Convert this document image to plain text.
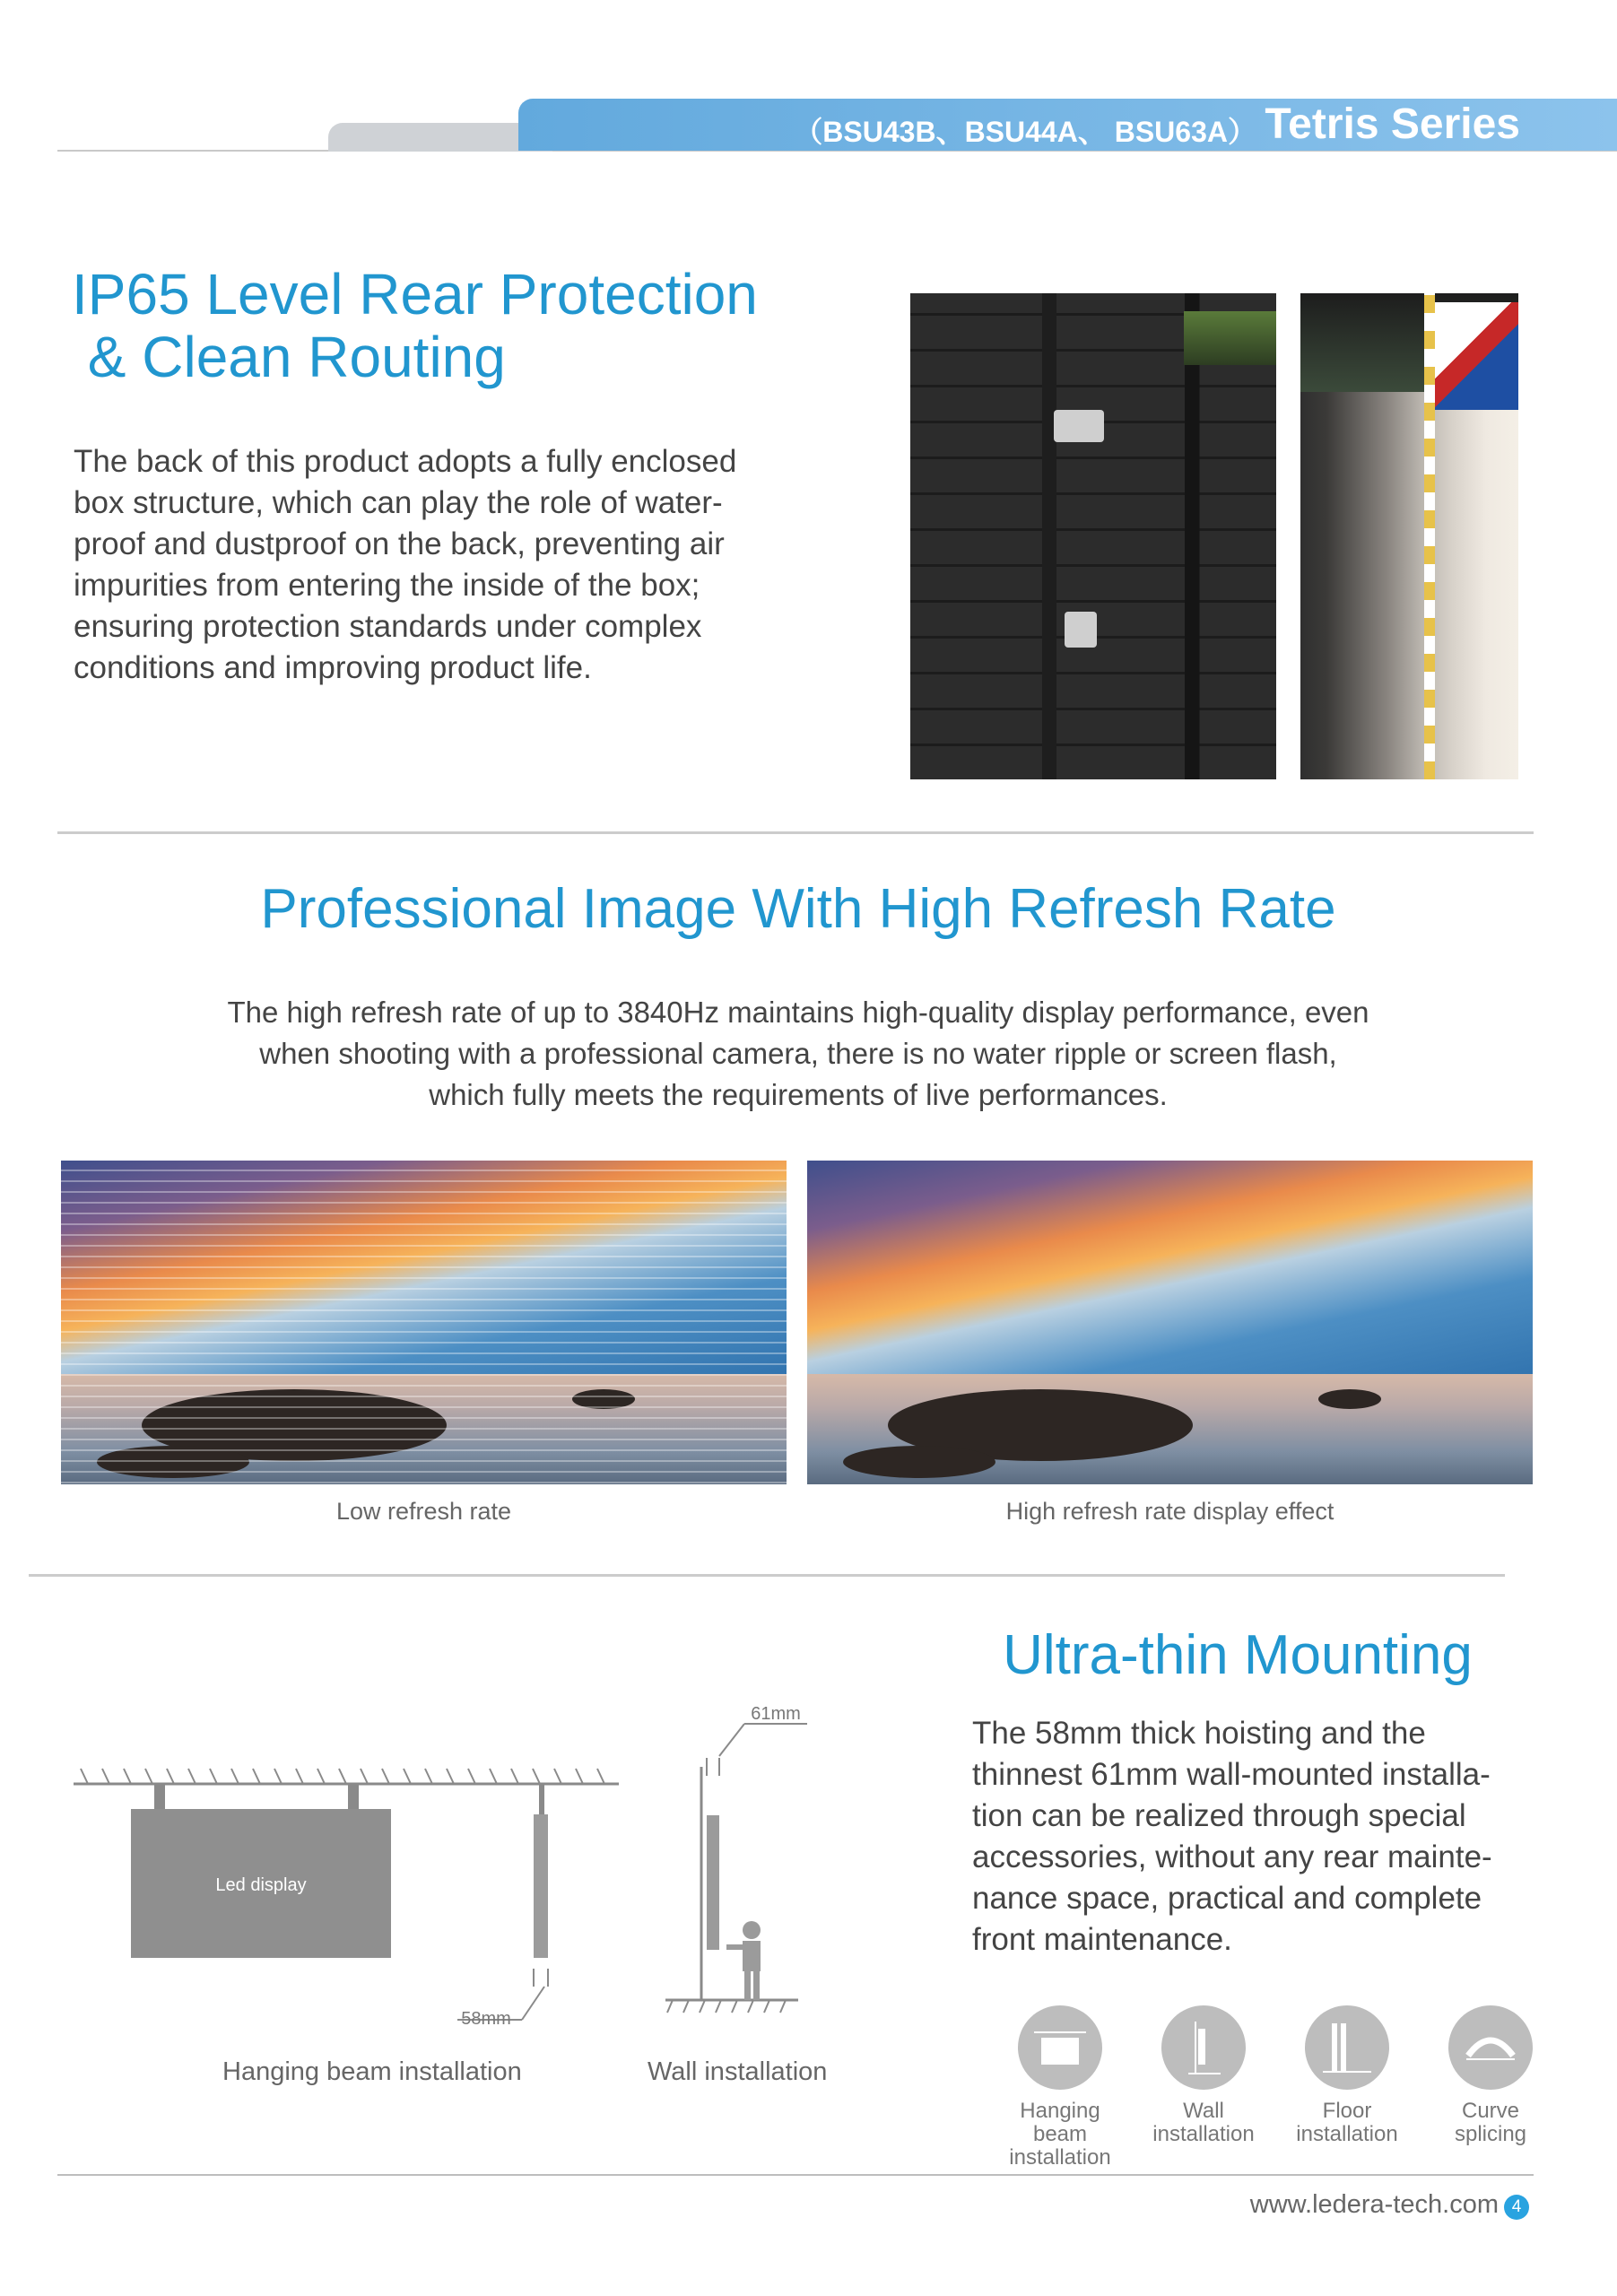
（BSU43B、BSU44A、 BSU63A） Tetris Series
IP65 Level Rear Protection
& Clean Routing
The back of this product adopts a fully enclosed
box structure, which can play the role of water-
proof and dustproof on the back, preventing air
impurities from entering the inside of the box;
ensuring protection standards under complex
conditions and improving product life.
Professional Image With High Refresh Rate
The high refresh rate of up to 3840Hz maintains high-quality display performance, even
when shooting with a professional camera, there is no water ripple or screen flash,
which fully meets the requirements of live performances.
Low refresh rate	High refresh rate display effect
Ultra-thin Mounting
The 58mm thick hoisting and the
thinnest 61mm wall-mounted installa-
tion can be realized through special
accessories, without any rear mainte-
nance space, practical and complete
front maintenance.
Led display
58mm
61mm
Hanging beam installation	Wall installation
Hanging
beam installation
Wall
installation
Floor
installation
Curve
splicing
www.ledera-tech.com 4
